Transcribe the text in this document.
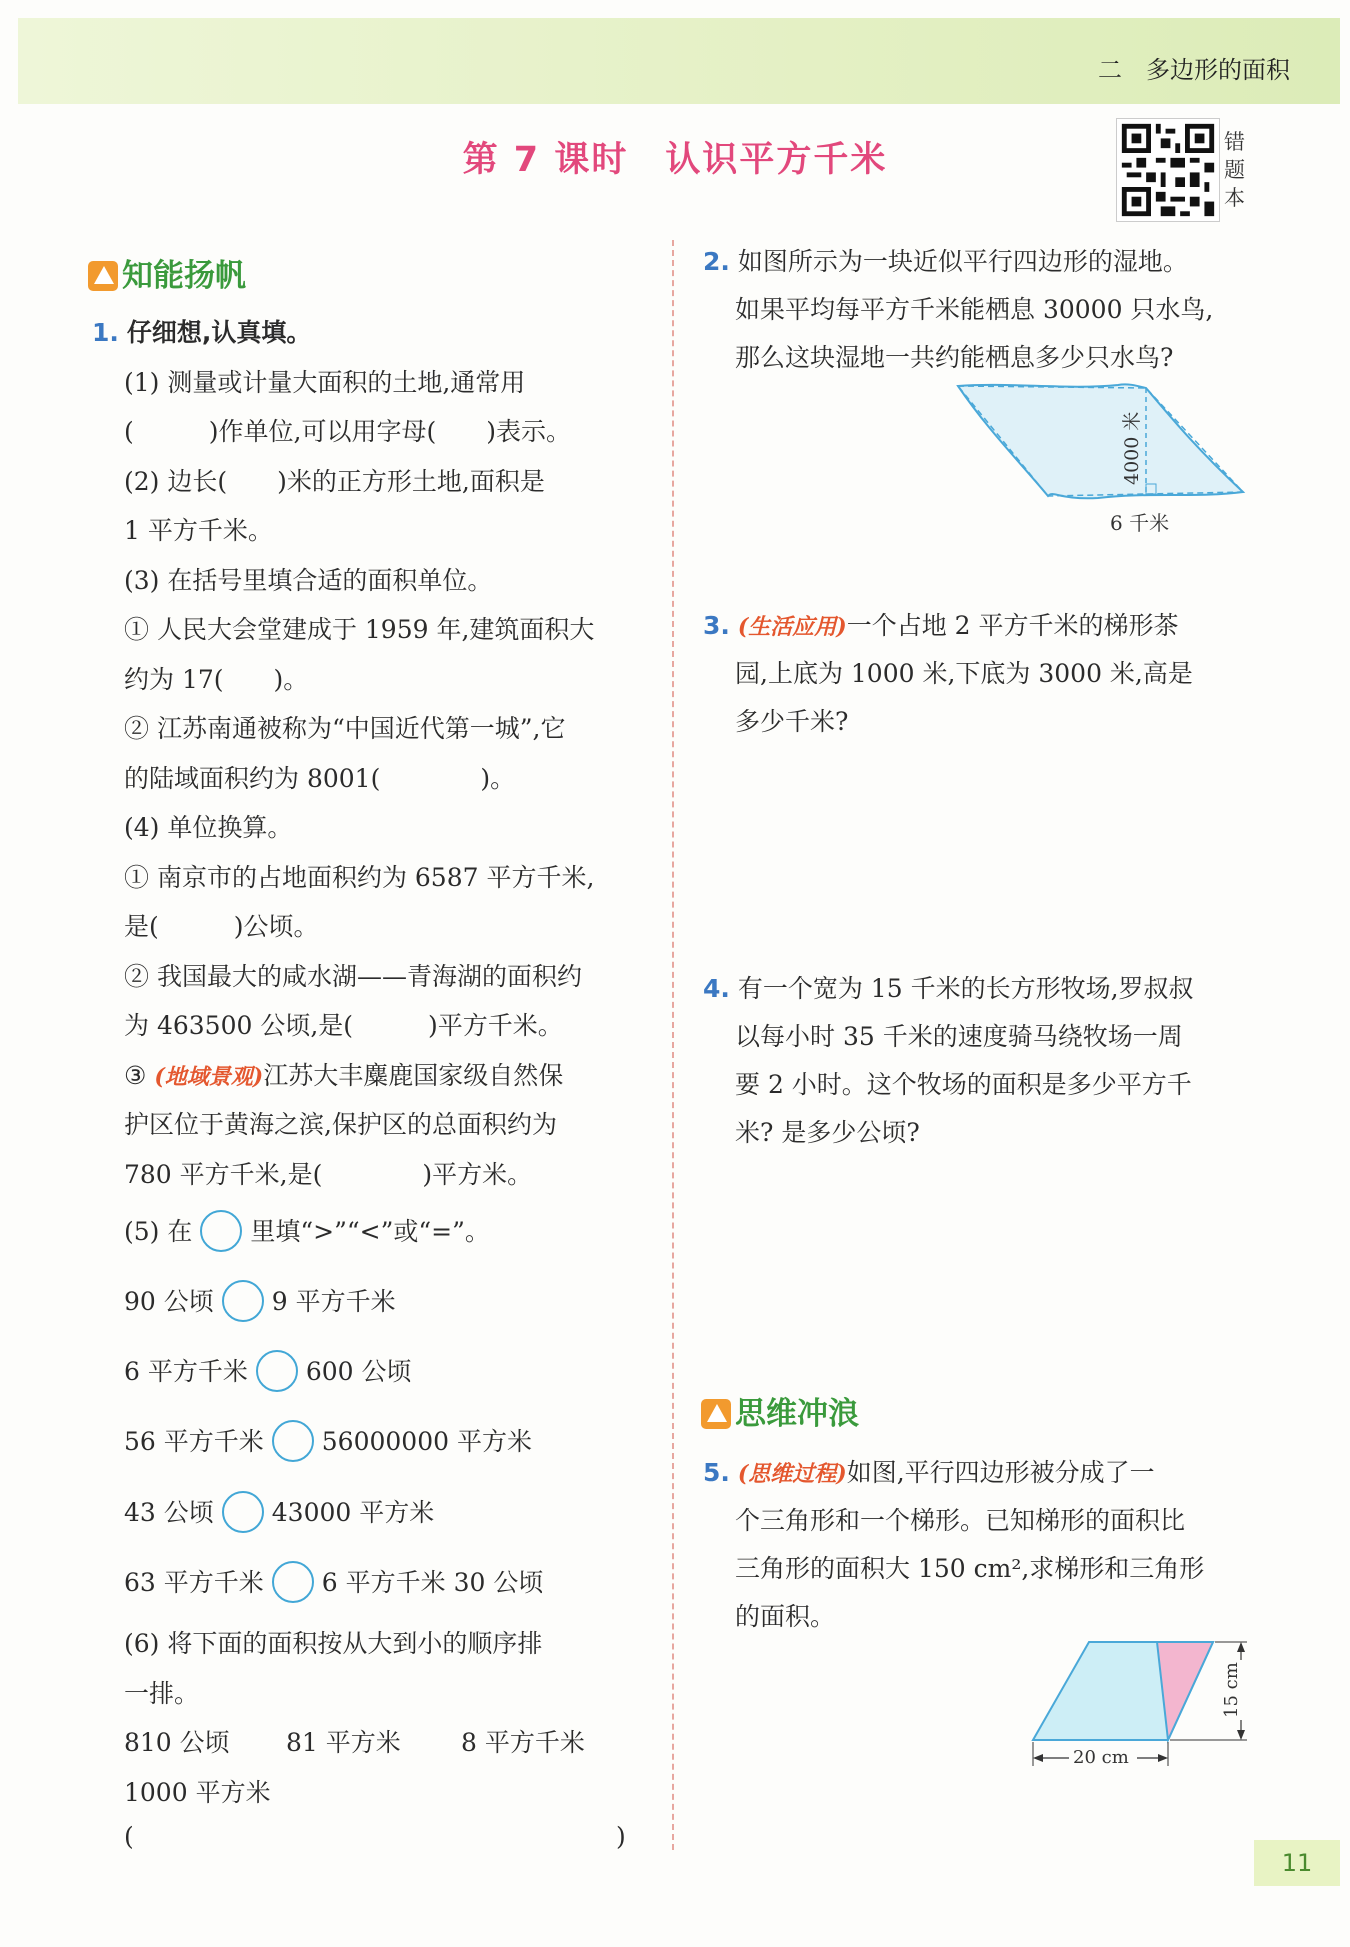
二　多边形的面积
第 7 课时　认识平方千米	错
题
本
知能扬帆
1. 仔细想,认真填。
(1) 测量或计量大面积的土地,通常用
(　　　)作单位,可以用字母(　　)表示。
(2) 边长(　　)米的正方形土地,面积是
1 平方千米。
(3) 在括号里填合适的面积单位。
① 人民大会堂建成于 1959 年,建筑面积大
约为 17(　　)。
② 江苏南通被称为“中国近代第一城”,它
的陆域面积约为 8001(　　　　)。
(4) 单位换算。
① 南京市的占地面积约为 6587 平方千米,
是(　　　)公顷。
② 我国最大的咸水湖——青海湖的面积约
为 463500 公顷,是(　　　)平方千米。
③ (地域景观)江苏大丰麋鹿国家级自然保
护区位于黄海之滨,保护区的总面积约为
780 平方千米,是(　　　　)平方米。
(5) 在 里填“>”“<”或“=”。
90 公顷 9 平方千米
6 平方千米 600 公顷
56 平方千米 56000000 平方米
43 公顷 43000 平方米
63 平方千米 6 平方千米 30 公顷
(6) 将下面的面积按从大到小的顺序排
一排。
810 公顷 81 平方米 8 平方千米
1000 平方米
(	)
2. 如图所示为一块近似平行四边形的湿地。
如果平均每平方千米能栖息 30000 只水鸟,
那么这块湿地一共约能栖息多少只水鸟?
4000 米
6 千米
3. (生活应用)一个占地 2 平方千米的梯形茶
园,上底为 1000 米,下底为 3000 米,高是
多少千米?
4. 有一个宽为 15 千米的长方形牧场,罗叔叔
以每小时 35 千米的速度骑马绕牧场一周
要 2 小时。这个牧场的面积是多少平方千
米? 是多少公顷?
思维冲浪
5. (思维过程)如图,平行四边形被分成了一
个三角形和一个梯形。已知梯形的面积比
三角形的面积大 150 cm²,求梯形和三角形
的面积。
20 cm
15 cm
11
